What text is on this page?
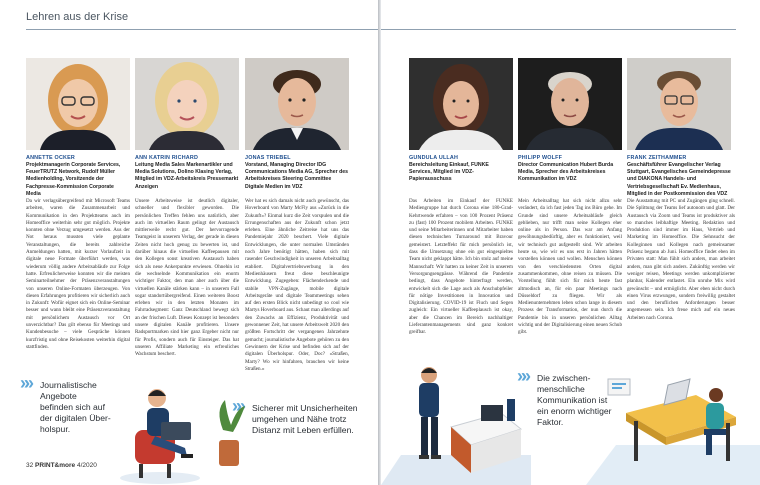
Lehren aus der Krise
ANNETTE OCKER
Projektmanagerin Corporate Services, FeuerTRUTZ Network, Rudolf Müller Medienholding, Vorsitzende der Fachpresse-Kommission Corporate Media
ANN KATRIN RICHARD
Leitung Media Sales Markenartikler und Media Solutions, Dolino Klasing Verlag, Mitglied im VDZ-Arbeitskreis Pressemarkt Anzeigen
JONAS TRIEBEL
Vorstand, Managing Director IDG Communications Media AG, Sprecher des Arbeitskreises Steering Committee Digitale Medien im VDZ
Da wir verlagsübergreifend mit Microsoft Teams arbeiten, waren die Zusammenarbeit und Kommunikation in den Projektteams auch im Homeoffice weiterhin sehr gut möglich. Projekte konnten ohne Verzug umgesetzt werden. Aus der Not heraus mussten viele geplante Veranstaltungen, die bereits zahlreiche Anmeldungen hatten, mit kurzer Vorlaufzeit in digitale neue Formate überführt werden, was wiederum völlig andere Arbeitsabläufe zur Folge hatte. Erfreulicherweise konnten wir die meisten Seminarteilnehmer der Präsenzveranstaltungen von unseren Online-Formaten überzeugen. Von diesen Erfahrungen profitieren wir sicherlich auch in Zukunft: Wofür eignet sich ein Online-Seminar besser und wann bleibt eine Präsenzveranstaltung mit persönlichem Austausch vor Ort unverzichtbar? Das gilt ebenso für Meetings und Kundenbesuche – viele Gespräche können kurzfristig und ohne Reisekosten weiterhin digital stattfinden.
Unsere Arbeitsweise ist deutlich digitaler, schneller und flexibler geworden. Die persönlichen Treffen fehlen uns natürlich, aber auch im virtuellen Raum gelingt der Austausch mittlerweile recht gut. Der hervorragende Teamgeist in unserem Verlag, der gerade in diesen Zeiten nicht hoch genug zu bewerten ist, und darüber hinaus die virtuellen Kaffeepausen mit den Kollegen sonst kreativen Austausch haben sich als neue Ankerpunkte erwiesen. Ohnehin ist die wechselnde Kommunikation ein enorm wichtiger Faktor, den man aber auch über die virtuellen Kanäle stärken kann – in unserem Fall sogar standortübergreifend. Einen weiteren Boost erleben wir in den letzten Monaten im Fahrradsegment: Ganz Deutschland bewegt sich an der frischen Luft. Dieses Konzept ist besonders unsere digitalen Kanäle profitieren. Unsere Radsportmarken sind hier ganz Ergeber nicht nur für Profis, sondern auch für Einsteiger. Das hat unseren Affiliate Marketing ein erfreuliches Wachstum beschert.
Wer hat es sich damals nicht auch gewünscht, das Hoverboard von Marty McFly aus »Zurück in die Zukunft«? Einmal kurz die Zeit vorspulen und die Errungenschaften aus der Zukunft schon jetzt erleben. Eine ähnliche Zeitreise hat uns das Pandemiejahr 2020 beschert. Viele digitale Entwicklungen, die unter normalen Umständen noch Jahre benötigt hätten, haben sich mit rasender Geschwindigkeit in unseren Arbeitsalltag etabliert. Digitalvertriebswerbung in den Medienhäusern freut diese beschleunigte Entwicklung. Zugegeben: Flächendeckende und stabile VPN-Zugänge, mobile digitale Arbeitsgeräte und digitale Teammeetings sehen auf den ersten Blick nicht unbedingt so cool wie Martys Hoverboard aus. Schaut man allerdings auf den Zuwachs an Effizienz, Produktivität und gewonnener Zeit, hat unsere Arbeitswelt 2020 den größten Fortschritt der vergangenen Jahrzehnte gemacht; journalistische Angebote gehören zu den Gewinnern der Krise und befinden sich auf der digitalen Überholspur. Oder, Doc? »Straßen, Marty? Wo wir hinfahren, brauchen wir keine Straßen.«
»» Journalistische
Angebote
befinden sich auf
der digitalen Über-
holspur.
»» Sicherer mit Unsicherheiten
umgehen und Nähe trotz
Distanz mit Leben erfüllen.
32 PRINT&more 4/2020
GUNDULA ULLAH
Bereichsleitung Einkauf, FUNKE Services, Mitglied im VDZ-Papierausschuss
PHILIPP WOLFF
Director Communication Hubert Burda Media, Sprecher des Arbeitskreises Kommunikation im VDZ
FRANK ZEITHAMMER
Geschäftsführer Evangelischer Verlag Stuttgart, Evangelisches Gemeindepresse und DIAKONA Handels- und Vertriebsgesellschaft Ev. Medienhaus, Mitglied in der Postkommission des VDZ
Das Arbeiten im Einkauf der FUNKE Mediengruppe hat durch Corona eine 180-Grad-Kehrtwende erfahren – von 100 Prozent Präsenz zu (fast) 100 Prozent mobilem Arbeiten. FUNKE und seine Mitarbeiterinnen und Mitarbeiter haben diesen technischen Turnaround mit Bravour gemeistert. Letzteffekt für mich persönlich ist, dass die Umsetzung ohne ein gut eingespieltes Team nicht geklappt hätte. Ich bin stolz auf meine Mannschaft: Wir hatten zu keiner Zeit in unserem Versorgungsengpässe. Während die Pandemie bedingt, dass Angebote hinterfragt werden, entwickelt sich die Lage auch als Anschubpfeiler für nötige Investitionen in Innovation und Digitalisierung. COVID-19 ist Fluch und Segen zugleich: Ein virtueller Kaffeeplausch ist okay, aber die Chancen im Bereich nachhaltiger Lieferantenmanagements sind ganz konkret greifbar.
Mein Arbeitsalltag hat sich nicht allzu sehr verändert, da ich fast jeden Tag ins Büro gehe. Im Grunde sind unsere Arbeitsabläufe gleich geblieben, nur trifft man seine Kollegen eher online als in Person. Das war am Anfang gewöhnungsbedürftig, aber es funktioniert, weil wir technisch gut aufgestellt sind. Wir arbeiten heute so, wie wir es uns erst in Jahren hätten vorstellen können und wollen. Menschen können von den verschiedensten Orten digital zusammenkommen, ohne reisen zu müssen. Die Vorstellung fühlt sich für mich heute fast altmodisch an, für ein paar Meetings nach Düsseldorf zu fliegen. Wir als Medienunternehmen leben schon lange in diesem Prozess der Transformation, der nun durch die Pandemie bis in unseren persönlichen Alltag wichtig und der Digitalisierung einen neuen Schub gibt.
Die Ausstattung mit PC und Zugängen ging schnell. Die Splittung der Teams lief autonom und glatt. Der Austausch via Zoom und Teams ist produktiver als so manches leibhaftige Meeting. Redaktion und Produktion sind immer im Haus, Vertrieb und Marketing im Homeoffice. Die Sehnsucht der Kolleginnen und Kollegen nach gemeinsamer Präsenz begann ab Juni. Homeoffice findet eben im Privaten statt: Man fühlt sich anders, man arbeitet anders, man gibt sich anders. Zukünftig werden wir weniger reisen, Meetings werden unkomplizierter planbar, Kalender entlastet. Ein unruhe Mix wird gewünscht – und ermöglicht. Aber eben nicht durch einen Virus erzwungen, sondern freiwillig gestaltet und den beruflichen Anforderungen besser angemessen sein. Ich freue mich auf ein neues Arbeiten nach Corona.
»» Die zwischen-
menschliche
Kommunikation ist
ein enorm wichtiger
Faktor.
